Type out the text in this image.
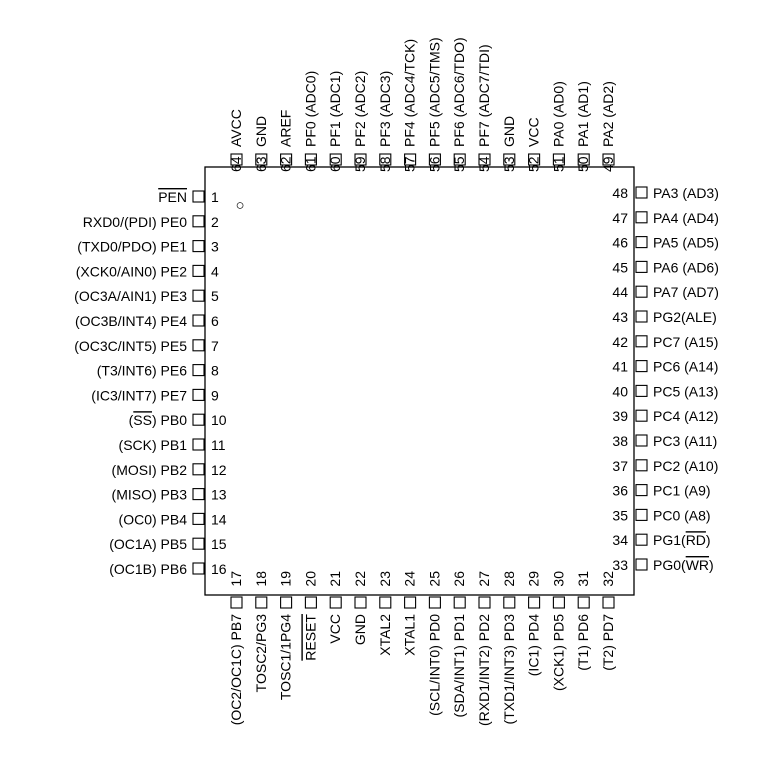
○
PEN 1
RXD0/(PDI) PE0 2
(TXD0/PDO) PE1 3
(XCK0/AIN0) PE2 4
(OC3A/AIN1) PE3 5
(OC3B/INT4) PE4 6
(OC3C/INT5) PE5 7
(T3/INT6) PE6 8
(IC3/INT7) PE7 9
(SS) PB0 10
(SCK) PB1 11
(MOSI) PB2 12
(MISO) PB3 13
(OC0) PB4 14
(OC1A) PB5 15
(OC1B) PB6 16
(OC2/OC1C) PB7
17
TOSC2/PG3
18
TOSC1/1PG4
19
RESET
20
VCC
21
GND
22
XTAL2
23
XTAL1
24
(SCL/INT0) PD0
25
(SDA/INT1) PD1
26
(RXD1/INT2) PD2
27
(TXD1/INT3) PD3
28
(IC1) PD4
29
(XCK1) PD5
30
(T1) PD6
31
(T2) PD7
32
PG0(WR)
33
PG1(RD)
34
PC0 (A8)
35
PC1 (A9)
36
PC2 (A10)
37
PC3 (A11)
38
PC4 (A12)
39
PC5 (A13)
40
PC6 (A14)
41
PC7 (A15)
42
PG2(ALE)
43
PA7 (AD7)
44
PA6 (AD6)
45
PA5 (AD5)
46
PA4 (AD4)
47
PA3 (AD3)
48
AVCC
64
GND
63
AREF
62
PF0 (ADC0)
61
PF1 (ADC1)
60
PF2 (ADC2)
59
PF3 (ADC3)
58
PF4 (ADC4/TCK)
57
PF5 (ADC5/TMS)
56
PF6 (ADC6/TDO)
55
PF7 (ADC7/TDI)
54
GND
53
VCC
52
PA0 (AD0)
51
PA1 (AD1)
50
PA2 (AD2)
49
